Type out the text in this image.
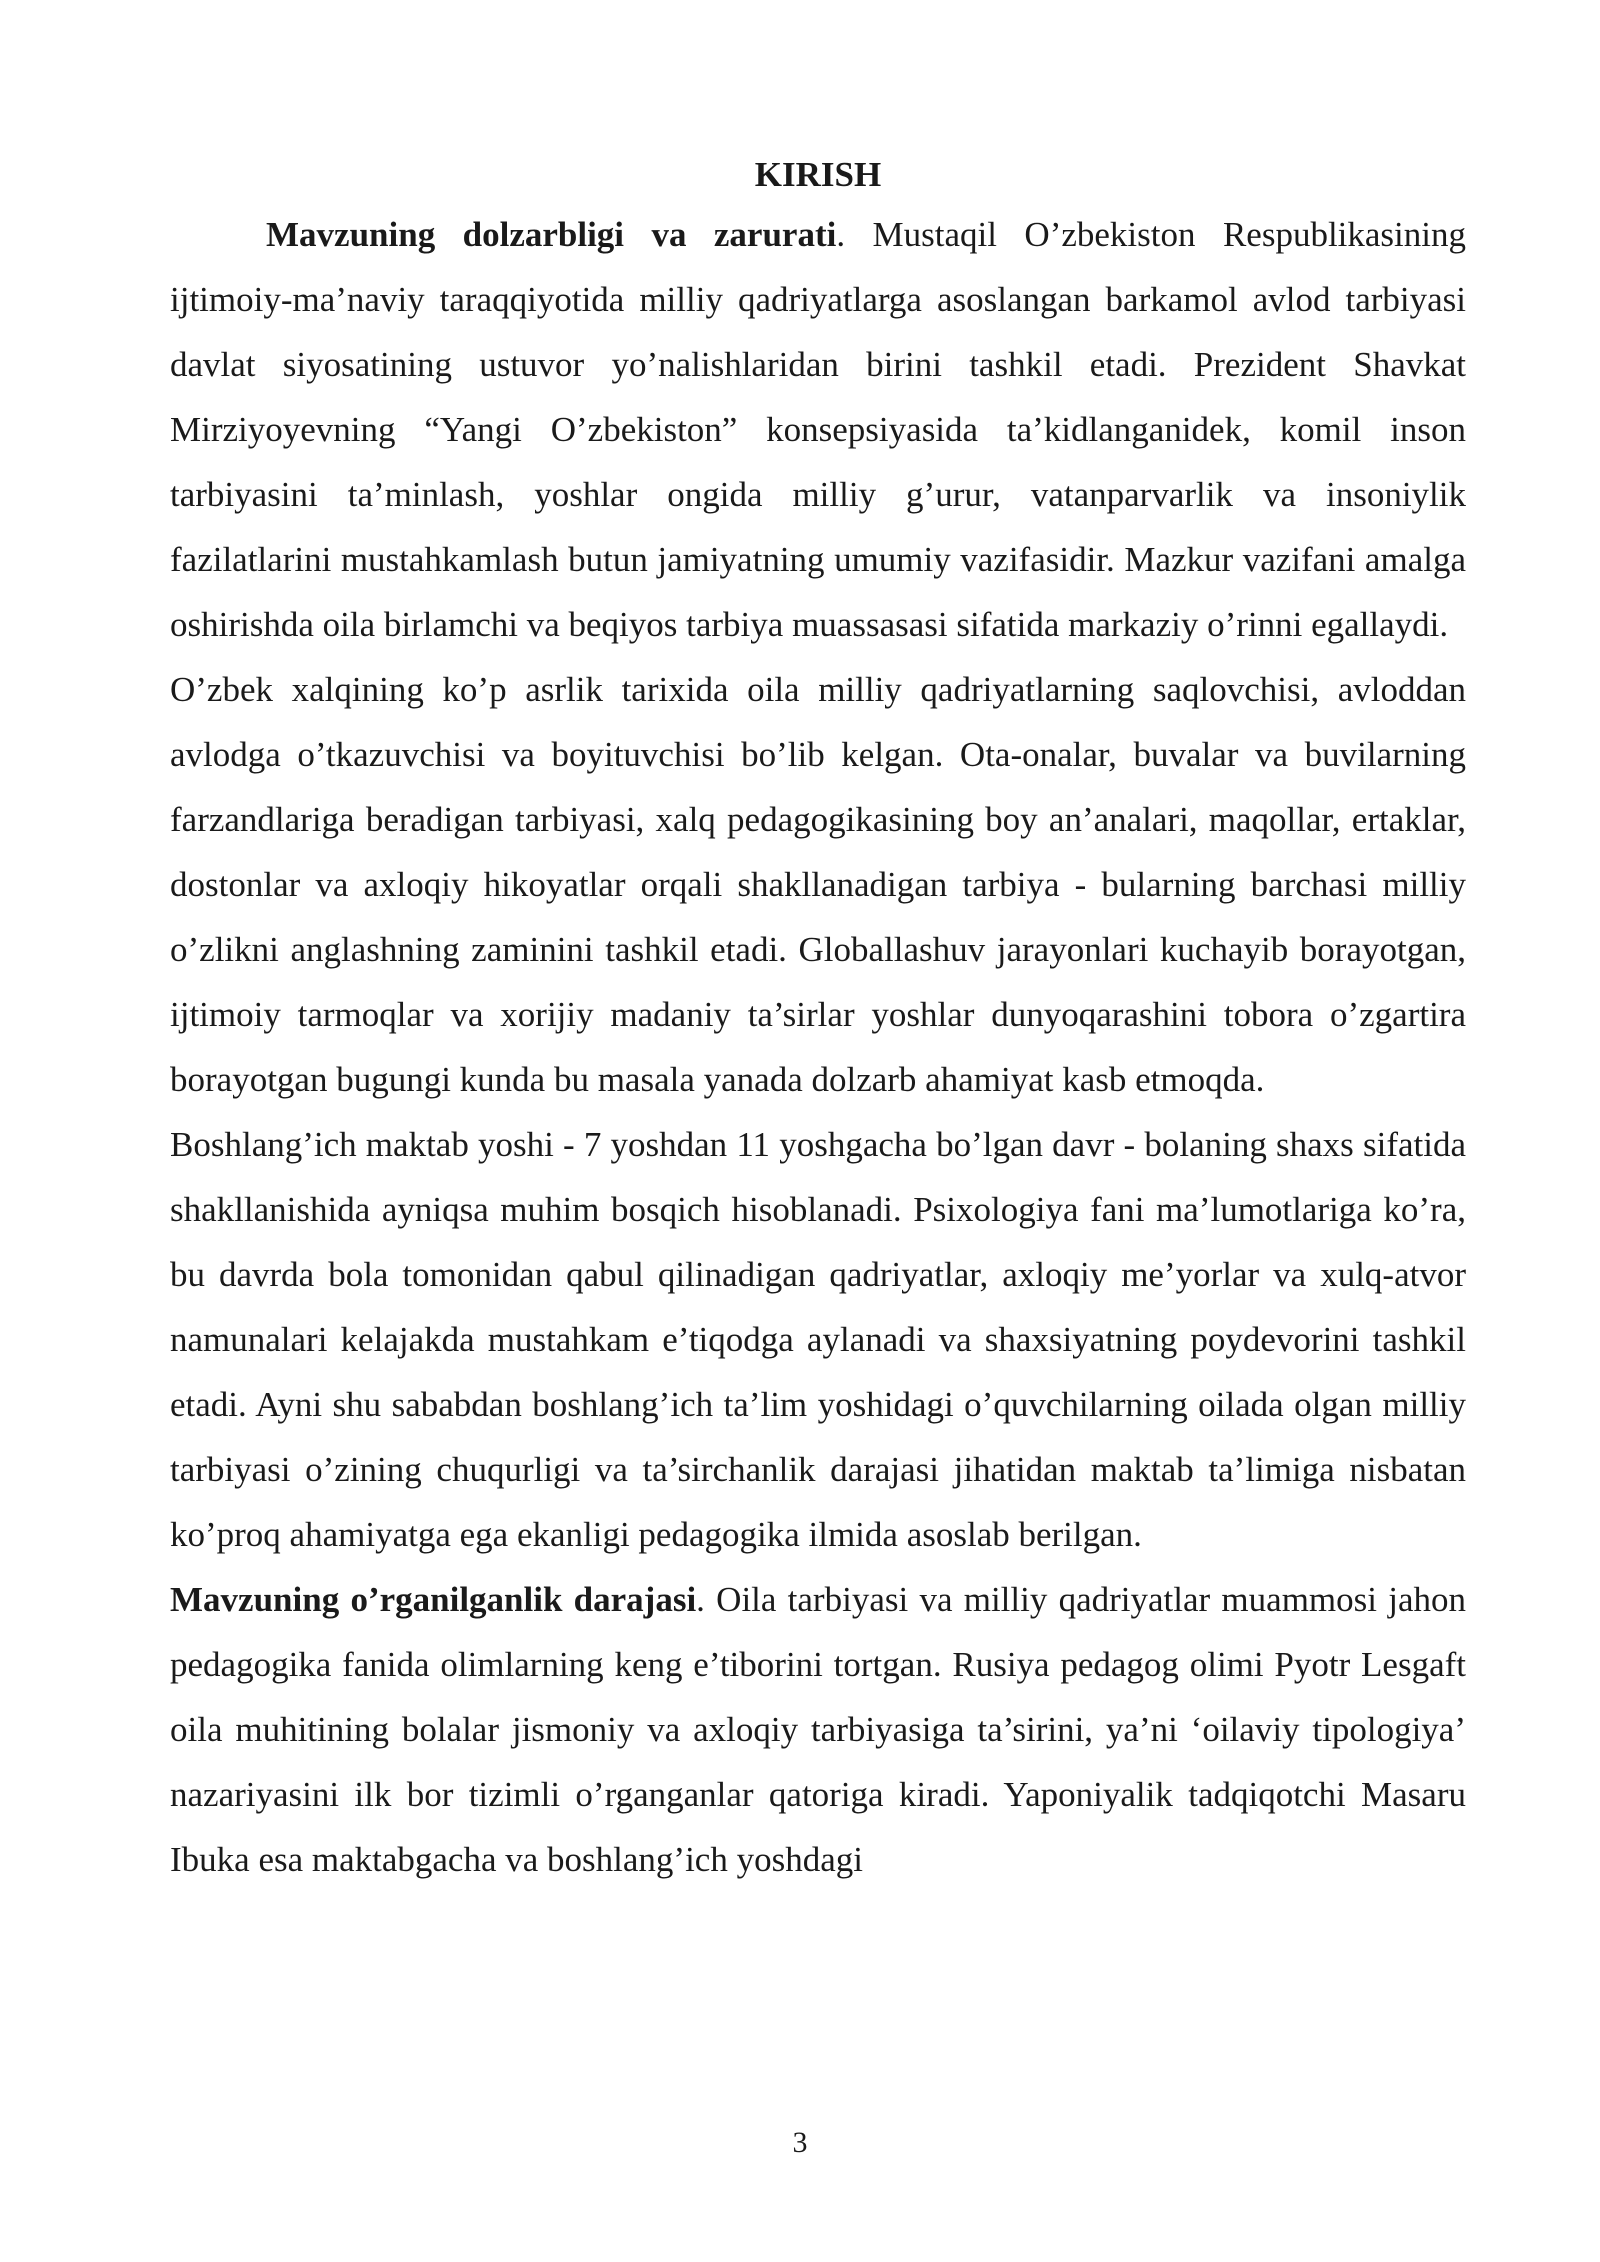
KIRISH

Mavzuning dolzarbligi va zarurati. Mustaqil O’zbekiston Respublikasining ijtimoiy-ma’naviy taraqqiyotida milliy qadriyatlarga asoslangan barkamol avlod tarbiyasi davlat siyosatining ustuvor yo’nalishlaridan birini tashkil etadi. Prezident Shavkat Mirziyoyevning “Yangi O’zbekiston” konsepsiyasida ta’kidlanganidek, komil inson tarbiyasini ta’minlash, yoshlar ongida milliy g’urur, vatanparvarlik va insoniylik fazilatlarini mustahkamlash butun jamiyatning umumiy vazifasidir. Mazkur vazifani amalga oshirishda oila birlamchi va beqiyos tarbiya muassasasi sifatida markaziy o’rinni egallaydi.

O’zbek xalqining ko’p asrlik tarixida oila milliy qadriyatlarning saqlovchisi, avloddan avlodga o’tkazuvchisi va boyituvchisi bo’lib kelgan. Ota-onalar, buvalar va buvilarning farzandlariga beradigan tarbiyasi, xalq pedagogikasining boy an’analari, maqollar, ertaklar, dostonlar va axloqiy hikoyatlar orqali shakllanadigan tarbiya - bularning barchasi milliy o’zlikni anglashning zaminini tashkil etadi. Globallashuv jarayonlari kuchayib borayotgan, ijtimoiy tarmoqlar va xorijiy madaniy ta’sirlar yoshlar dunyoqarashini tobora o’zgartira borayotgan bugungi kunda bu masala yanada dolzarb ahamiyat kasb etmoqda.

Boshlang’ich maktab yoshi - 7 yoshdan 11 yoshgacha bo’lgan davr - bolaning shaxs sifatida shakllanishida ayniqsa muhim bosqich hisoblanadi. Psixologiya fani ma’lumotlariga ko’ra, bu davrda bola tomonidan qabul qilinadigan qadriyatlar, axloqiy me’yorlar va xulq-atvor namunalari kelajakda mustahkam e’tiqodga aylanadi va shaxsiyatning poydevorini tashkil etadi. Ayni shu sababdan boshlang’ich ta’lim yoshidagi o’quvchilarning oilada olgan milliy tarbiyasi o’zining chuqurligi va ta’sirchanlik darajasi jihatidan maktab ta’limiga nisbatan ko’proq ahamiyatga ega ekanligi pedagogika ilmida asoslab berilgan.

Mavzuning o’rganilganlik darajasi. Oila tarbiyasi va milliy qadriyatlar muammosi jahon pedagogika fanida olimlarning keng e’tiborini tortgan. Rusiya pedagog olimi Pyotr Lesgaft oila muhitining bolalar jismoniy va axloqiy tarbiyasiga ta’sirini, ya’ni ‘oilaviy tipologiya’ nazariyasini ilk bor tizimli o’rganganlar qatoriga kiradi. Yaponiyalik tadqiqotchi Masaru Ibuka esa maktabgacha va boshlang’ich yoshdagi

3
